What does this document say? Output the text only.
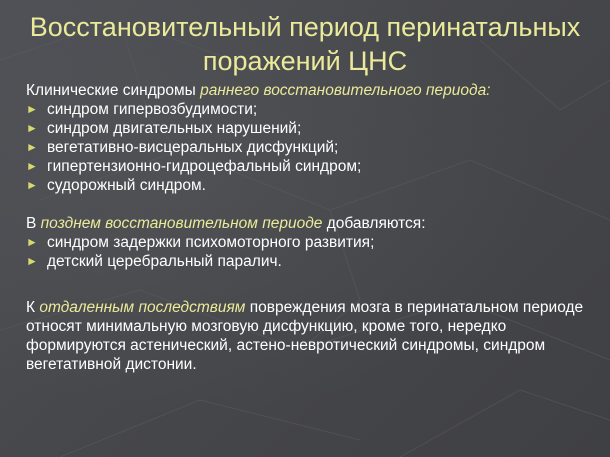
Восстановительный период перинатальных поражений ЦНС
Клинические синдромы раннего восстановительного периода:
► синдром гипервозбудимости;
► синдром двигательных нарушений;
► вегетативно-висцеральных дисфункций;
► гипертензионно-гидроцефальный синдром;
► судорожный синдром.
В позднем восстановительном периоде добавляются:
► синдром задержки психомоторного развития;
► детский церебральный паралич.
К отдаленным последствиям повреждения мозга в перинатальном периоде относят минимальную мозговую дисфункцию, кроме того, нередко формируются астенический, астено-невротический синдромы, синдром вегетативной дистонии.
